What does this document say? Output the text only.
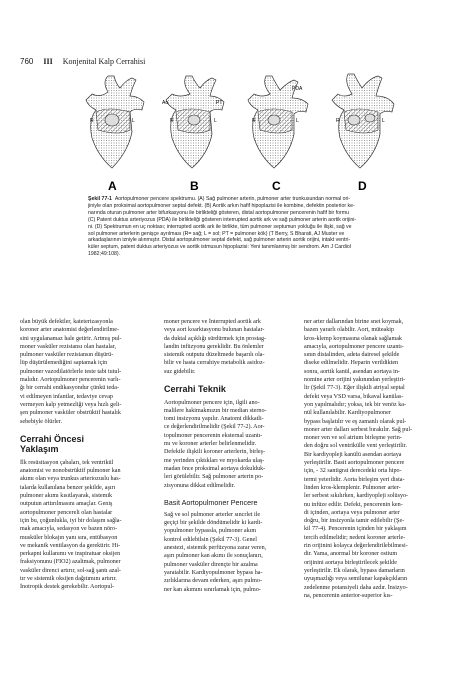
760 III Konjenital Kalp Cerrahisi
R	L
A
Ao	PT
R	L
B
PDA
R	L
C
R	L
D
Şekil 77-1 Aortopulmoner pencere spektrumu. (A) Sağ pulmoner arterin, pulmoner arter trunkusundan normal ori-
jiniyle olan proksimal aortopulmoner septal defekt. (B) Aortik arkın hafif hipoplazisi ile kombine, defektin posterior ke-
narında oturan pulmoner arter bifurkasyonu ile birlikteliği gösteren, distal aortopulmoner pencerenin hafif bir formu
(C) Patent duktus arteriyozus (PDA) ile birlikteliği gösteren interrupted aortik ark ve sağ pulmoner arterin aortik orijini-
ni. (D) Spektrumun en uç noktası; interrupted aortik ark ile birlikte, tüm pulmoner septumun yokluğu ile ilişki, sağ ve
sol pulmoner arterlerin genişçe ayrılması (R= sağ; L = sol; PT = pulmoner kök) (T Berry, S Bharati, AJ Muster ve
arkadaşlarının izniyle alınmıştır. Distal aortopulmoner septal defekt, sağ pulmoner arterin aortik orijini, intakt ventri-
küler septum, patent duktus arteriyozus ve aortik istmusun hipoplazisi: Yeni tanımlanmış bir sendrom. Am J Cardiol
1982;49:108).
olan büyük defektler, kateterizasyonla
koroner arter anatomisi değerlendirilme-
sini uygulanamaz hale getirir. Artmış pul-
moner vasküler rezistansı olan hastalar,
pulmoner vasküler rezistansın düşürü-
lüp düşürülemediğini saptamak için
pulmoner vazodilatörlerle teste tabi tutul-
malıdır. Aortopulmoner pencerenin varlı-
ğı bir cerrahi endikasyondur çünkü teda-
vi edilmeyen infantlar, tedaviye cevap
vermeyen kalp yetmezliği veya hızlı geli-
şen pulmoner vasküler obstrüktif hastalık
sebebiyle ölürler.
Cerrahi Öncesi
Yaklaşım
İlk resüsitasyon çabaları, tek ventrikül
anatomisi ve nonobstrüktif pulmoner kan
akımı olan veya trunkus arteriozuslu has-
talarda kullanılana benzer şekilde, aşırı
pulmoner akımı kısıtlayarak, sistemik
outputun arttırılmasını amaçlar. Geniş
aortopulmoner pencereli olan hastalar
için bu, çoğunlukla, iyi bir dolaşım sağla-
mak amacıyla, sedasyon ve bazen nöro-
musküler blokajın yanı sıra, entübasyon
ve mekanik ventilasyon da gerektirir. Hi-
perkapni kullanımı ve inspiratuar oksijen
fraksiyonunu (FIO2) azaltmak, pulmoner
vasküler direnci artırır, sol-sağ şantı azal-
tır ve sistemik oksijen dağıtımını artırır.
İnotropik destek gerekebilir. Aortopul-
moner pencere ve İnterrupted aortik ark
veya aort koarktasyonu bulunan hastalar-
da duktal açıklığı sürdürmek için prostag-
landin infüzyonu gereklidir. Bu önlemler
sistemik outputu düzeltmede başarılı ola-
bilir ve hasta cerrahiye metabolik asidoz-
suz gidebilir.
Cerrahi Teknik
Aortopulmoner pencere için, ilgili ano-
malilere hakimakmızın bir median sterno-
tomi insizyonu yapılır. Anatomi dikkatli-
ce değerlendirilmelidir (Şekil 77-2). Aor-
topulmoner pencerenin eksternal uzantı-
mı ve koroner arterler belirlenmelidir.
Defektle ilişkili koroner arterlerin, birleş-
me yerinden çıktıkları ve myokarda ulaş-
madan önce proksimal aortaya dokulduk-
leri görülebilir. Sağ pulmoner arterin po-
zisyonuna dikkat edilmelidir.
Basit Aortopulmoner Pencere
Sağ ve sol pulmoner arterler sıncrlet ile
geçiçi bir şekilde döndümelidir ki kardi-
yopulmoner bypassla, pulmoner akım
kontrol edilebilsin (Şekil 77-3). Genel
anestezi, sistemik perfüzyona zarar veren,
aşırı pulmoner kan akımı ile sonuçlanırı,
pulmoner vasküler dirençte bir azalma
yaratabilir. Kardiyopulmoner bypass ha-
zırlıklarına devam ederken, aşırı pulmo-
ner kan akımını sınırlamak için, pulmo-
ner arter dallarından birine snet koymak,
bazen yararlı olabilir. Aort, müteakip
kros-klemp koymasına olanak sağlamak
amacıyla, aortopulmoner pencere uzantı-
sının distalinden, adeta dairesel şekilde
diseke edilmelidir. Heparin verildikten
sonra, aortik kanül, asendan aortaya in-
nominе arter orijini yakınından yerleştiri-
lir (Şekil 77-3). Eğer ilişkili atriyal septal
defekt veya VSD varsa, bikaval kanülas-
yon yapılmalıdır; yoksa, tek bir venöz ka-
nül kullanılabilir. Kardiyopulmoner
bypass başlatılır ve eş zamanlı olarak pul-
moner arter dalları serbest bırakılır. Sağ pul-
moner ven ve sol atrium birleşme yerin-
den doğru sol ventrikülle vent yerleştirilir.
Bir kardiyopleji kanülü asendan aortaya
yerleştirilir. Basit aortopulmoner pencere
için, - 32 santigrat derecedeki orta hipo-
termi yeterlidir. Aorta birleşim yeri dista-
linden kros-klemplenir. Pulmoner arter-
ler serbest sıkılırken, kardiyopleji solüsyo-
nu infüze edilir. Defekt, pencerenin ken-
di içinden, aortaya veya pulmoner arter
doğru, bir insizyonla tamir edilebilir (Şe-
kil 77-4). Pencerenin içinden bir yaklaşım
tercih edilmelidir; nedeni koroner arterle-
rin orijinini kolayca değerlendirilebilmesi-
dir. Yama, anormal bir koroner ostium
orijinini aortaya birleştirilecek şekilde
yerleştirilir. Ek olarak, bypass damarların
uyuşmazlığı veya semilunar kapakçıkların
zedelenme potansiyeli daha azdır. İnsizyo-
na, pencerenin anterior-superior kıs-
